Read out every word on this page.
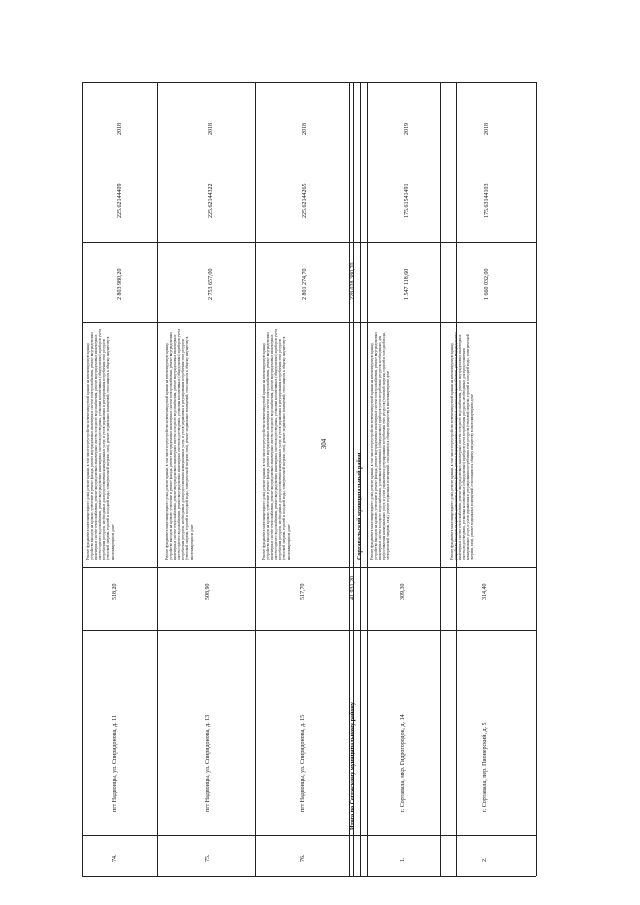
304
74.
пгт Надвоицы, ул. Спиридонова, д. 11
518,20
Ремонт фундамента многоквартирного дома, ремонт крыши, в том числе переустройство невентилируемой крыши на вентилируемую крышу, устройство выходов на кровлю, утепление и ремонт фасада, ремонт внутридомовых инженерных систем электроснабжения, ремонт внутридомовых инженерных систем теплоснабжения, ремонт внутридомовых инженерных систем холодного водоснабжения, ремонт внутридомовых инженерных систем горячего водоснабжения, ремонт внутридомовых инженерных систем водоотведения, установка коллективных (общедомовых) приборов учета потребления ресурсов, необходимых для предоставления коммунальных услуг, и узлов управления и регулирования потребления этих ресурсов (тепловой энергии, горячей и холодной воды, электрической энергии, газа), ремонт подвальных помещений, относящихся к общему имуществу в многоквартирном доме
2 803 980,20
225.62144409
2018
75.
пгт Надвоицы, ул. Спиридонова, д. 13
508,90
Ремонт фундамента многоквартирного дома, ремонт крыши, в том числе переустройство невентилируемой крыши на вентилируемую крышу, устройство выходов на кровлю, утепление и ремонт фасада, ремонт внутридомовых инженерных систем электроснабжения, ремонт внутридомовых инженерных систем теплоснабжения, ремонт внутридомовых инженерных систем холодного водоснабжения, ремонт внутридомовых инженерных систем горячего водоснабжения, ремонт внутридомовых инженерных систем водоотведения, установка коллективных (общедомовых) приборов учета потребления ресурсов, необходимых для предоставления коммунальных услуг, и узлов управления и регулирования потребления этих ресурсов (тепловой энергии, горячей и холодной воды, электрической энергии, газа), ремонт подвальных помещений, относящихся к общему имуществу в многоквартирном доме
2 753 657,00
225.62144322
2018
76.
пгт Надвоицы, ул. Спиридонова, д. 15
517,70
Ремонт фундамента многоквартирного дома, ремонт крыши, в том числе переустройство невентилируемой крыши на вентилируемую крышу, устройство выходов на кровлю, утепление и ремонт фасада, ремонт внутридомовых инженерных систем электроснабжения, ремонт внутридомовых инженерных систем теплоснабжения, ремонт внутридомовых инженерных систем холодного водоснабжения, ремонт внутридомовых инженерных систем горячего водоснабжения, ремонт внутридомовых инженерных систем водоотведения, установка коллективных (общедомовых) приборов учета потребления ресурсов, необходимых для предоставления коммунальных услуг, и узлов управления и регулирования потребления этих ресурсов (тепловой энергии, горячей и холодной воды, электрической энергии, газа), ремонт подвальных помещений, относящихся к общему имуществу в многоквартирном доме
2 801 274,70
225.62144265
2018
Итого по Сегежскому муниципальному району
41 931,20
228 028 380,70
Сортавальский муниципальный район
1.
г. Сортавала, мкр. Гидрогородок, д. 14
309,30
Ремонт фундамента многоквартирного дома, ремонт крыши, в том числе переустройство невентилируемой крыши на вентилируемую крышу, устройство выходов на кровлю, утепление и ремонт фасада, ремонт внутридомовых инженерных систем электроснабжения, ремонт внутридомовых инженерных систем холодного водоснабжения, установка коллективных (общедомовых) приборов учета потребления ресурсов, необходимых для предоставления коммунальных услуг, и узлов управления и регулирования потребления этих ресурсов (тепловой энергии, горячей и холодной воды, электрической энергии, газа), ремонт подвальных помещений, относящихся к общему имуществу в многоквартирном доме
1 547 118,60
175.61541491
2019
2.
г. Сортавала, пер. Пионерский, д. 5
314,40
Ремонт фундамента многоквартирного дома, ремонт крыши, в том числе переустройство невентилируемой крыши на вентилируемую крышу, устройство выходов на кровлю, утепление и ремонт фасада, ремонт внутридомовых инженерных систем электроснабжения, ремонт внутридомовых инженерных систем теплоснабжения, ремонт внутридомовых инженерных систем холодного водоснабжения, ремонт внутридомовых инженерных систем водоотведения, установка коллективных (общедомовых) приборов учета потребления ресурсов, необходимых для предоставления коммунальных услуг, и узлов управления и регулирования потребления этих ресурсов (тепловой энергии, горячей и холодной воды, электрической энергии, газа), ремонт подвальных помещений, относящихся к общему имуществу в многоквартирном доме
1 660 032,00
175.63144103
2018
